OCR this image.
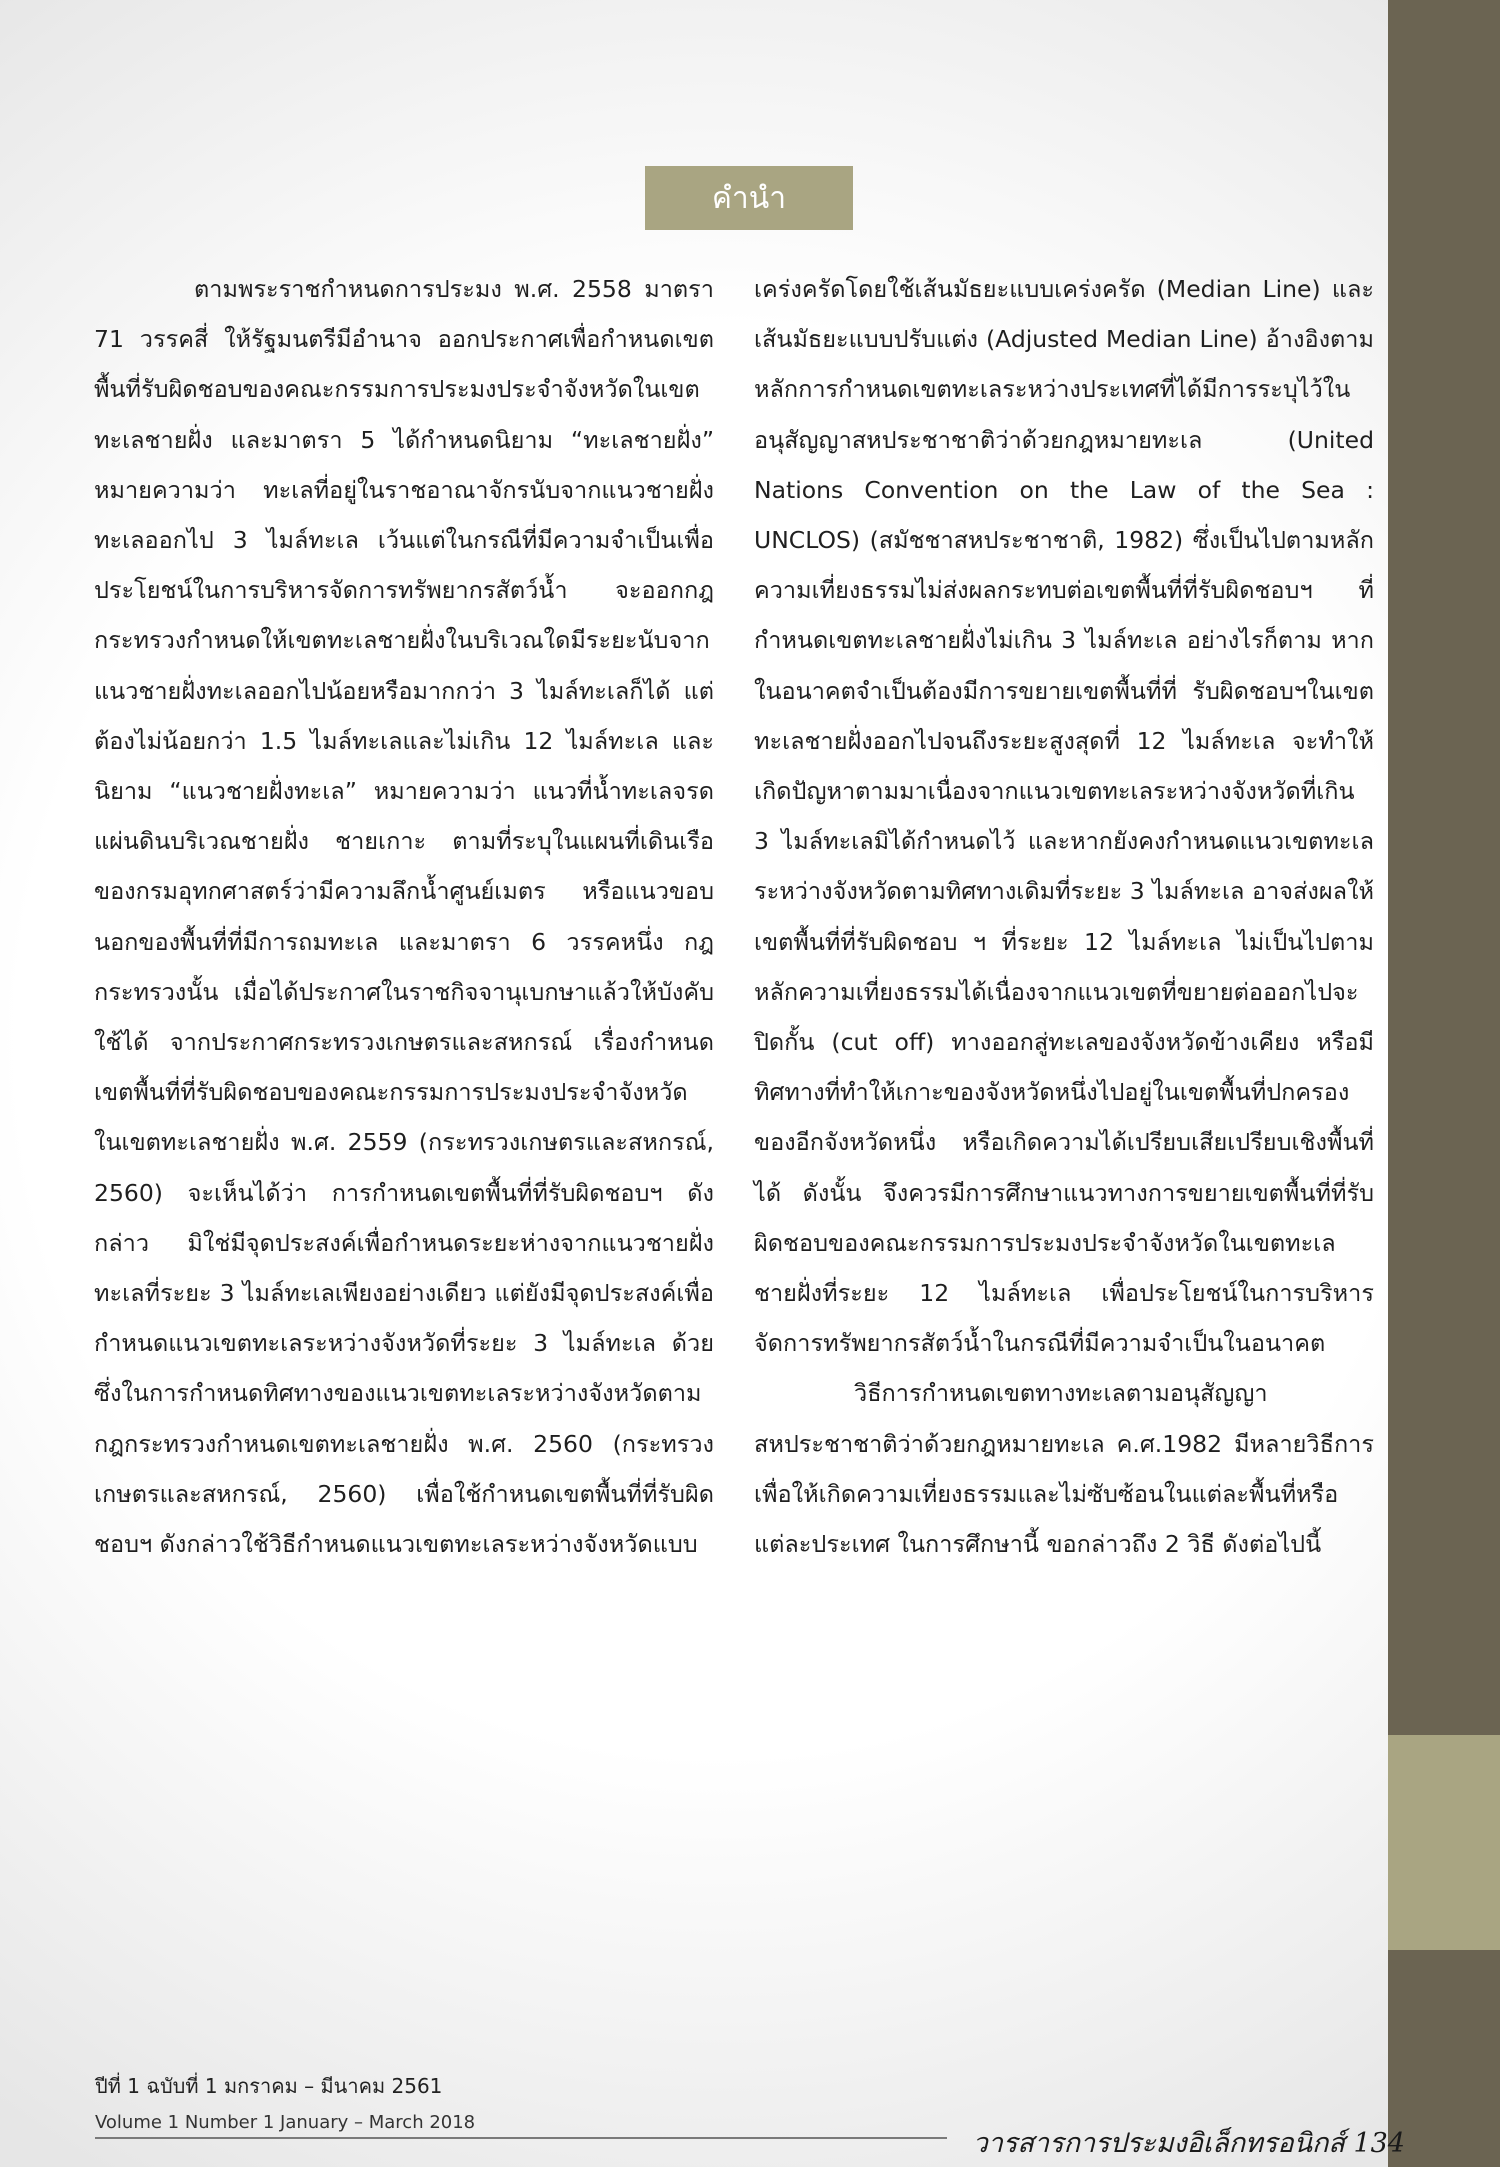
คำนำ

ตามพระราชกำหนดการประมง พ.ศ. 2558 มาตรา 71 วรรคสี่ ให้รัฐมนตรีมีอำนาจ ออกประกาศเพื่อกำหนดเขตพื้นที่รับผิดชอบของคณะกรรมการประมงประจำจังหวัดในเขตทะเลชายฝั่ง และมาตรา 5 ได้กำหนดนิยาม “ทะเลชายฝั่ง” หมายความว่า ทะเลที่อยู่ในราชอาณาจักรนับจากแนวชายฝั่งทะเลออกไป 3 ไมล์ทะเล เว้นแต่ในกรณีที่มีความจำเป็นเพื่อประโยชน์ในการบริหารจัดการทรัพยากรสัตว์น้ำ จะออกกฎกระทรวงกำหนดให้เขตทะเลชายฝั่งในบริเวณใดมีระยะนับจากแนวชายฝั่งทะเลออกไปน้อยหรือมากกว่า 3 ไมล์ทะเลก็ได้ แต่ต้องไม่น้อยกว่า 1.5 ไมล์ทะเลและไม่เกิน 12 ไมล์ทะเล และนิยาม “แนวชายฝั่งทะเล” หมายความว่า แนวที่น้ำทะเลจรดแผ่นดินบริเวณชายฝั่ง ชายเกาะ ตามที่ระบุในแผนที่เดินเรือของกรมอุทกศาสตร์ว่ามีความลึกน้ำศูนย์เมตร หรือแนวขอบนอกของพื้นที่ที่มีการถมทะเล และมาตรา 6 วรรคหนึ่ง กฎกระทรวงนั้น เมื่อได้ประกาศในราชกิจจานุเบกษาแล้วให้บังคับใช้ได้ จากประกาศกระทรวงเกษตรและสหกรณ์ เรื่องกำหนดเขตพื้นที่ที่รับผิดชอบของคณะกรรมการประมงประจำจังหวัดในเขตทะเลชายฝั่ง พ.ศ. 2559 (กระทรวงเกษตรและสหกรณ์, 2560) จะเห็นได้ว่า การกำหนดเขตพื้นที่ที่รับผิดชอบฯ ดังกล่าว มิใช่มีจุดประสงค์เพื่อกำหนดระยะห่างจากแนวชายฝั่งทะเลที่ระยะ 3 ไมล์ทะเลเพียงอย่างเดียว แต่ยังมีจุดประสงค์เพื่อกำหนดแนวเขตทะเลระหว่างจังหวัดที่ระยะ 3 ไมล์ทะเล ด้วย ซึ่งในการกำหนดทิศทางของแนวเขตทะเลระหว่างจังหวัดตามกฎกระทรวงกำหนดเขตทะเลชายฝั่ง พ.ศ. 2560 (กระทรวงเกษตรและสหกรณ์, 2560) เพื่อใช้กำหนดเขตพื้นที่ที่รับผิดชอบฯ ดังกล่าวใช้วิธีกำหนดแนวเขตทะเลระหว่างจังหวัดแบบ

เคร่งครัดโดยใช้เส้นมัธยะแบบเคร่งครัด (Median Line) และเส้นมัธยะแบบปรับแต่ง (Adjusted Median Line) อ้างอิงตามหลักการกำหนดเขตทะเลระหว่างประเทศที่ได้มีการระบุไว้ในอนุสัญญาสหประชาชาติว่าด้วยกฎหมายทะเล (United Nations Convention on the Law of the Sea : UNCLOS) (สมัชชาสหประชาชาติ, 1982) ซึ่งเป็นไปตามหลักความเที่ยงธรรมไม่ส่งผลกระทบต่อเขตพื้นที่ที่รับผิดชอบฯ ที่กำหนดเขตทะเลชายฝั่งไม่เกิน 3 ไมล์ทะเล อย่างไรก็ตาม หากในอนาคตจำเป็นต้องมีการขยายเขตพื้นที่ที่ รับผิดชอบฯในเขตทะเลชายฝั่งออกไปจนถึงระยะสูงสุดที่ 12 ไมล์ทะเล จะทำให้เกิดปัญหาตามมาเนื่องจากแนวเขตทะเลระหว่างจังหวัดที่เกิน 3 ไมล์ทะเลมิได้กำหนดไว้ และหากยังคงกำหนดแนวเขตทะเลระหว่างจังหวัดตามทิศทางเดิมที่ระยะ 3 ไมล์ทะเล อาจส่งผลให้เขตพื้นที่ที่รับผิดชอบ ฯ ที่ระยะ 12 ไมล์ทะเล ไม่เป็นไปตามหลักความเที่ยงธรรมได้เนื่องจากแนวเขตที่ขยายต่อออกไปจะปิดกั้น (cut off) ทางออกสู่ทะเลของจังหวัดข้างเคียง หรือมีทิศทางที่ทำให้เกาะของจังหวัดหนึ่งไปอยู่ในเขตพื้นที่ปกครองของอีกจังหวัดหนึ่ง หรือเกิดความได้เปรียบเสียเปรียบเชิงพื้นที่ได้ ดังนั้น จึงควรมีการศึกษาแนวทางการขยายเขตพื้นที่ที่รับผิดชอบของคณะกรรมการประมงประจำจังหวัดในเขตทะเลชายฝั่งที่ระยะ 12 ไมล์ทะเล เพื่อประโยชน์ในการบริหารจัดการทรัพยากรสัตว์น้ำในกรณีที่มีความจำเป็นในอนาคต

วิธีการกำหนดเขตทางทะเลตามอนุสัญญาสหประชาชาติว่าด้วยกฎหมายทะเล ค.ศ.1982 มีหลายวิธีการ เพื่อให้เกิดความเที่ยงธรรมและไม่ซับซ้อนในแต่ละพื้นที่หรือแต่ละประเทศ ในการศึกษานี้ ขอกล่าวถึง 2 วิธี ดังต่อไปนี้

ปีที่ 1 ฉบับที่ 1 มกราคม – มีนาคม 2561
Volume 1 Number 1 January – March 2018
วารสารการประมงอิเล็กทรอนิกส์ 134
